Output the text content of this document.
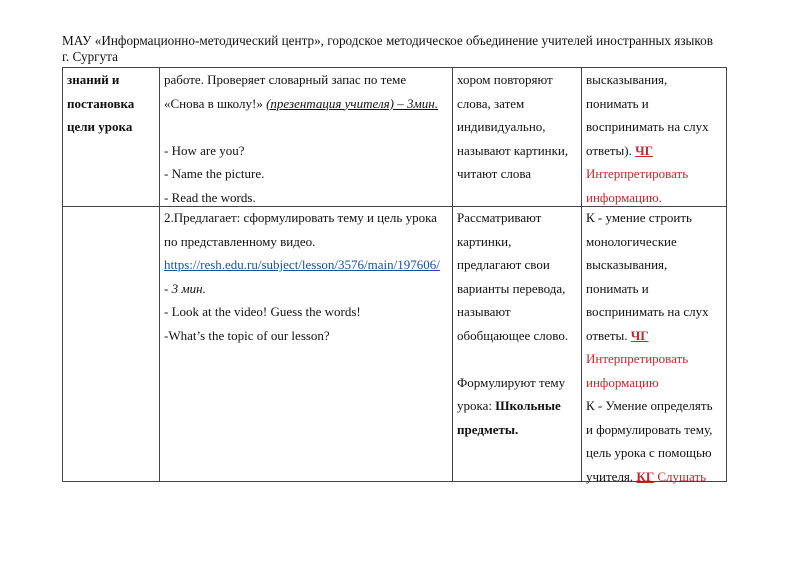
МАУ «Информационно-методический центр», городское методическое объединение учителей иностранных языков
г. Сургута
знаний и
постановка
цели урока
работе. Проверяет словарный запас по теме
«Снова в школу!» (презентация учителя) – 3мин.
- How are you?
- Name the picture.
- Read the words.
хором повторяют
слова, затем
индивидуально,
называют картинки,
читают слова
высказывания,
понимать и
воспринимать на слух
ответы). ЧГ
Интерпретировать
информацию.
2.Предлагает: сформулировать тему и цель урока
по представленному видео.
https://resh.edu.ru/subject/lesson/3576/main/197606/
- 3 мин.
- Look at the video! Guess the words!
-What’s the topic of our lesson?
Рассматривают
картинки,
предлагают свои
варианты перевода,
называют
обобщающее слово.
Формулируют тему
урока: Школьные
предметы.
К - умение строить
монологические
высказывания,
понимать и
воспринимать на слух
ответы. ЧГ
Интерпретировать
информацию
К - Умение определять
и формулировать тему,
цель урока с помощью
учителя. КГ Слушать
